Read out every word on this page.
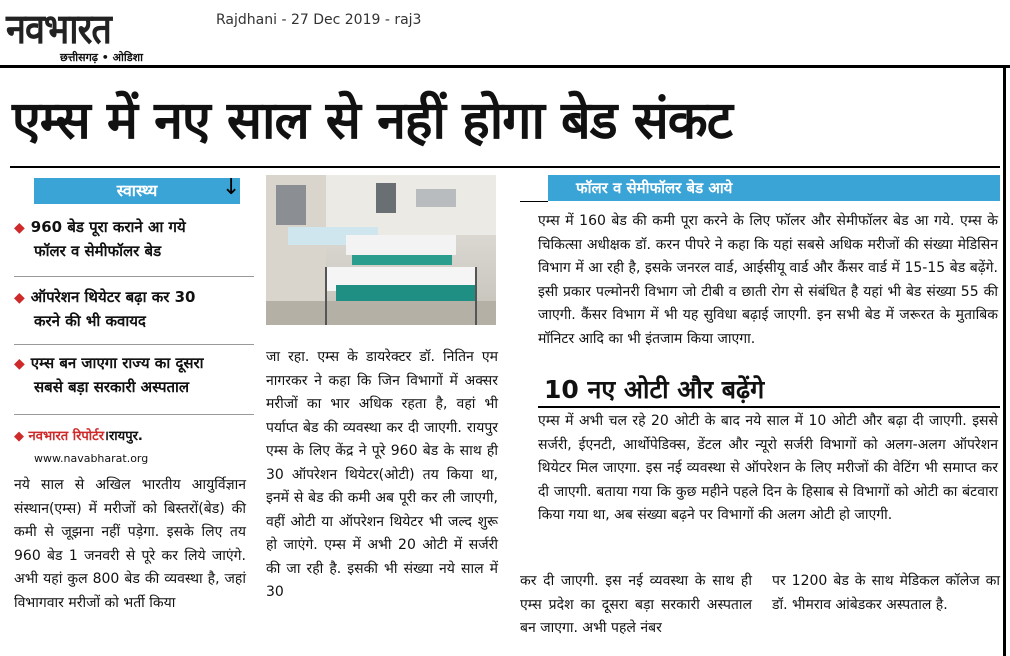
नवभारत
छत्तीसगढ़ • ओडिशा
Rajdhani - 27 Dec 2019 - raj3
एम्स में नए साल से नहीं होगा बेड संकट
स्वास्थ्य	↓
◆ 960 बेड पूरा कराने आ गये
फॉलर व सेमीफॉलर बेड
◆ ऑपरेशन थियेटर बढ़ा कर 30
करने की भी कवायद
◆ एम्स बन जाएगा राज्य का दूसरा
सबसे बड़ा सरकारी अस्पताल
◆ नवभारत रिपोर्टर।रायपुर.
www.navabharat.org
नये साल से अखिल भारतीय आयुर्विज्ञान संस्थान(एम्स) में मरीजों को बिस्तरों(बेड) की कमी से जूझना नहीं पड़ेगा. इसके लिए तय 960 बेड 1 जनवरी से पूरे कर लिये जाएंगे. अभी यहां कुल 800 बेड की व्यवस्था है, जहां विभागवार मरीजों को भर्ती किया
जा रहा. एम्स के डायरेक्टर डॉ. नितिन एम नागरकर ने कहा कि जिन विभागों में अक्सर मरीजों का भार अधिक रहता है, वहां भी पर्याप्त बेड की व्यवस्था कर दी जाएगी. रायपुर एम्स के लिए केंद्र ने पूरे 960 बेड के साथ ही 30 ऑपरेशन थियेटर(ओटी) तय किया था, इनमें से बेड की कमी अब पूरी कर ली जाएगी, वहीं ओटी या ऑपरेशन थियेटर भी जल्द शुरू हो जाएंगे. एम्स में अभी 20 ओटी में सर्जरी की जा रही है. इसकी भी संख्या नये साल में 30
फॉलर व सेमीफॉलर बेड आये
एम्स में 160 बेड की कमी पूरा करने के लिए फॉलर और सेमीफॉलर बेड आ गये. एम्स के चिकित्सा अधीक्षक डॉ. करन पीपरे ने कहा कि यहां सबसे अधिक मरीजों की संख्या मेडिसिन विभाग में आ रही है, इसके जनरल वार्ड, आईसीयू वार्ड और कैंसर वार्ड में 15-15 बेड बढ़ेंगे. इसी प्रकार पल्मोनरी विभाग जो टीबी व छाती रोग से संबंधित है यहां भी बेड संख्या 55 की जाएगी. कैंसर विभाग में भी यह सुविधा बढ़ाई जाएगी. इन सभी बेड में जरूरत के मुताबिक मॉनिटर आदि का भी इंतजाम किया जाएगा.
10 नए ओटी और बढ़ेंगे
एम्स में अभी चल रहे 20 ओटी के बाद नये साल में 10 ओटी और बढ़ा दी जाएगी. इससे सर्जरी, ईएनटी, आर्थोपेडिक्स, डेंटल और न्यूरो सर्जरी विभागों को अलग-अलग ऑपरेशन थियेटर मिल जाएगा. इस नई व्यवस्था से ऑपरेशन के लिए मरीजों की वेटिंग भी समाप्त कर दी जाएगी. बताया गया कि कुछ महीने पहले दिन के हिसाब से विभागों को ओटी का बंटवारा किया गया था, अब संख्या बढ़ने पर विभागों की अलग ओटी हो जाएगी.
कर दी जाएगी. इस नई व्यवस्था के साथ ही एम्स प्रदेश का दूसरा बड़ा सरकारी अस्पताल बन जाएगा. अभी पहले नंबर
पर 1200 बेड के साथ मेडिकल कॉलेज का डॉ. भीमराव आंबेडकर अस्पताल है.
